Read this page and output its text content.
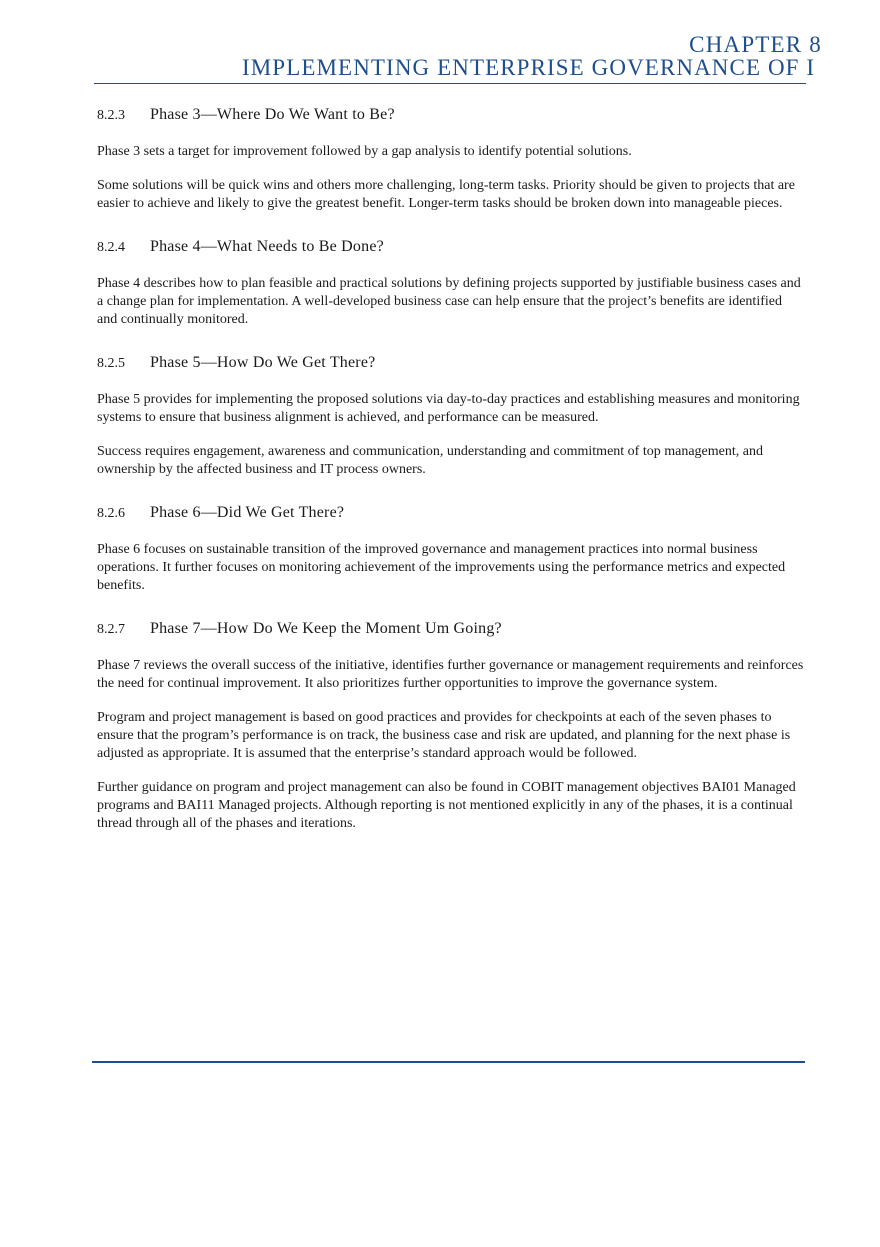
CHAPTER 8
IMPLEMENTING ENTERPRISE GOVERNANCE OF I
8.2.3	Phase 3—Where Do We Want to Be?

Phase 3 sets a target for improvement followed by a gap analysis to identify potential solutions.

Some solutions will be quick wins and others more challenging, long-term tasks. Priority should be given to projects that are easier to achieve and likely to give the greatest benefit. Longer-term tasks should be broken down into manageable pieces.

8.2.4	Phase 4—What Needs to Be Done?

Phase 4 describes how to plan feasible and practical solutions by defining projects supported by justifiable business cases and a change plan for implementation. A well-developed business case can help ensure that the project’s benefits are identified and continually monitored.

8.2.5	Phase 5—How Do We Get There?

Phase 5 provides for implementing the proposed solutions via day-to-day practices and establishing measures and monitoring systems to ensure that business alignment is achieved, and performance can be measured.

Success requires engagement, awareness and communication, understanding and commitment of top management, and ownership by the affected business and IT process owners.

8.2.6	Phase 6—Did We Get There?

Phase 6 focuses on sustainable transition of the improved governance and management practices into normal business operations. It further focuses on monitoring achievement of the improvements using the performance metrics and expected benefits.

8.2.7	Phase 7—How Do We Keep the Moment Um Going?

Phase 7 reviews the overall success of the initiative, identifies further governance or management requirements and reinforces the need for continual improvement. It also prioritizes further opportunities to improve the governance system.

Program and project management is based on good practices and provides for checkpoints at each of the seven phases to ensure that the program’s performance is on track, the business case and risk are updated, and planning for the next phase is adjusted as appropriate. It is assumed that the enterprise’s standard approach would be followed.

Further guidance on program and project management can also be found in COBIT management objectives BAI01 Managed programs and BAI11 Managed projects. Although reporting is not mentioned explicitly in any of the phases, it is a continual thread through all of the phases and iterations.
